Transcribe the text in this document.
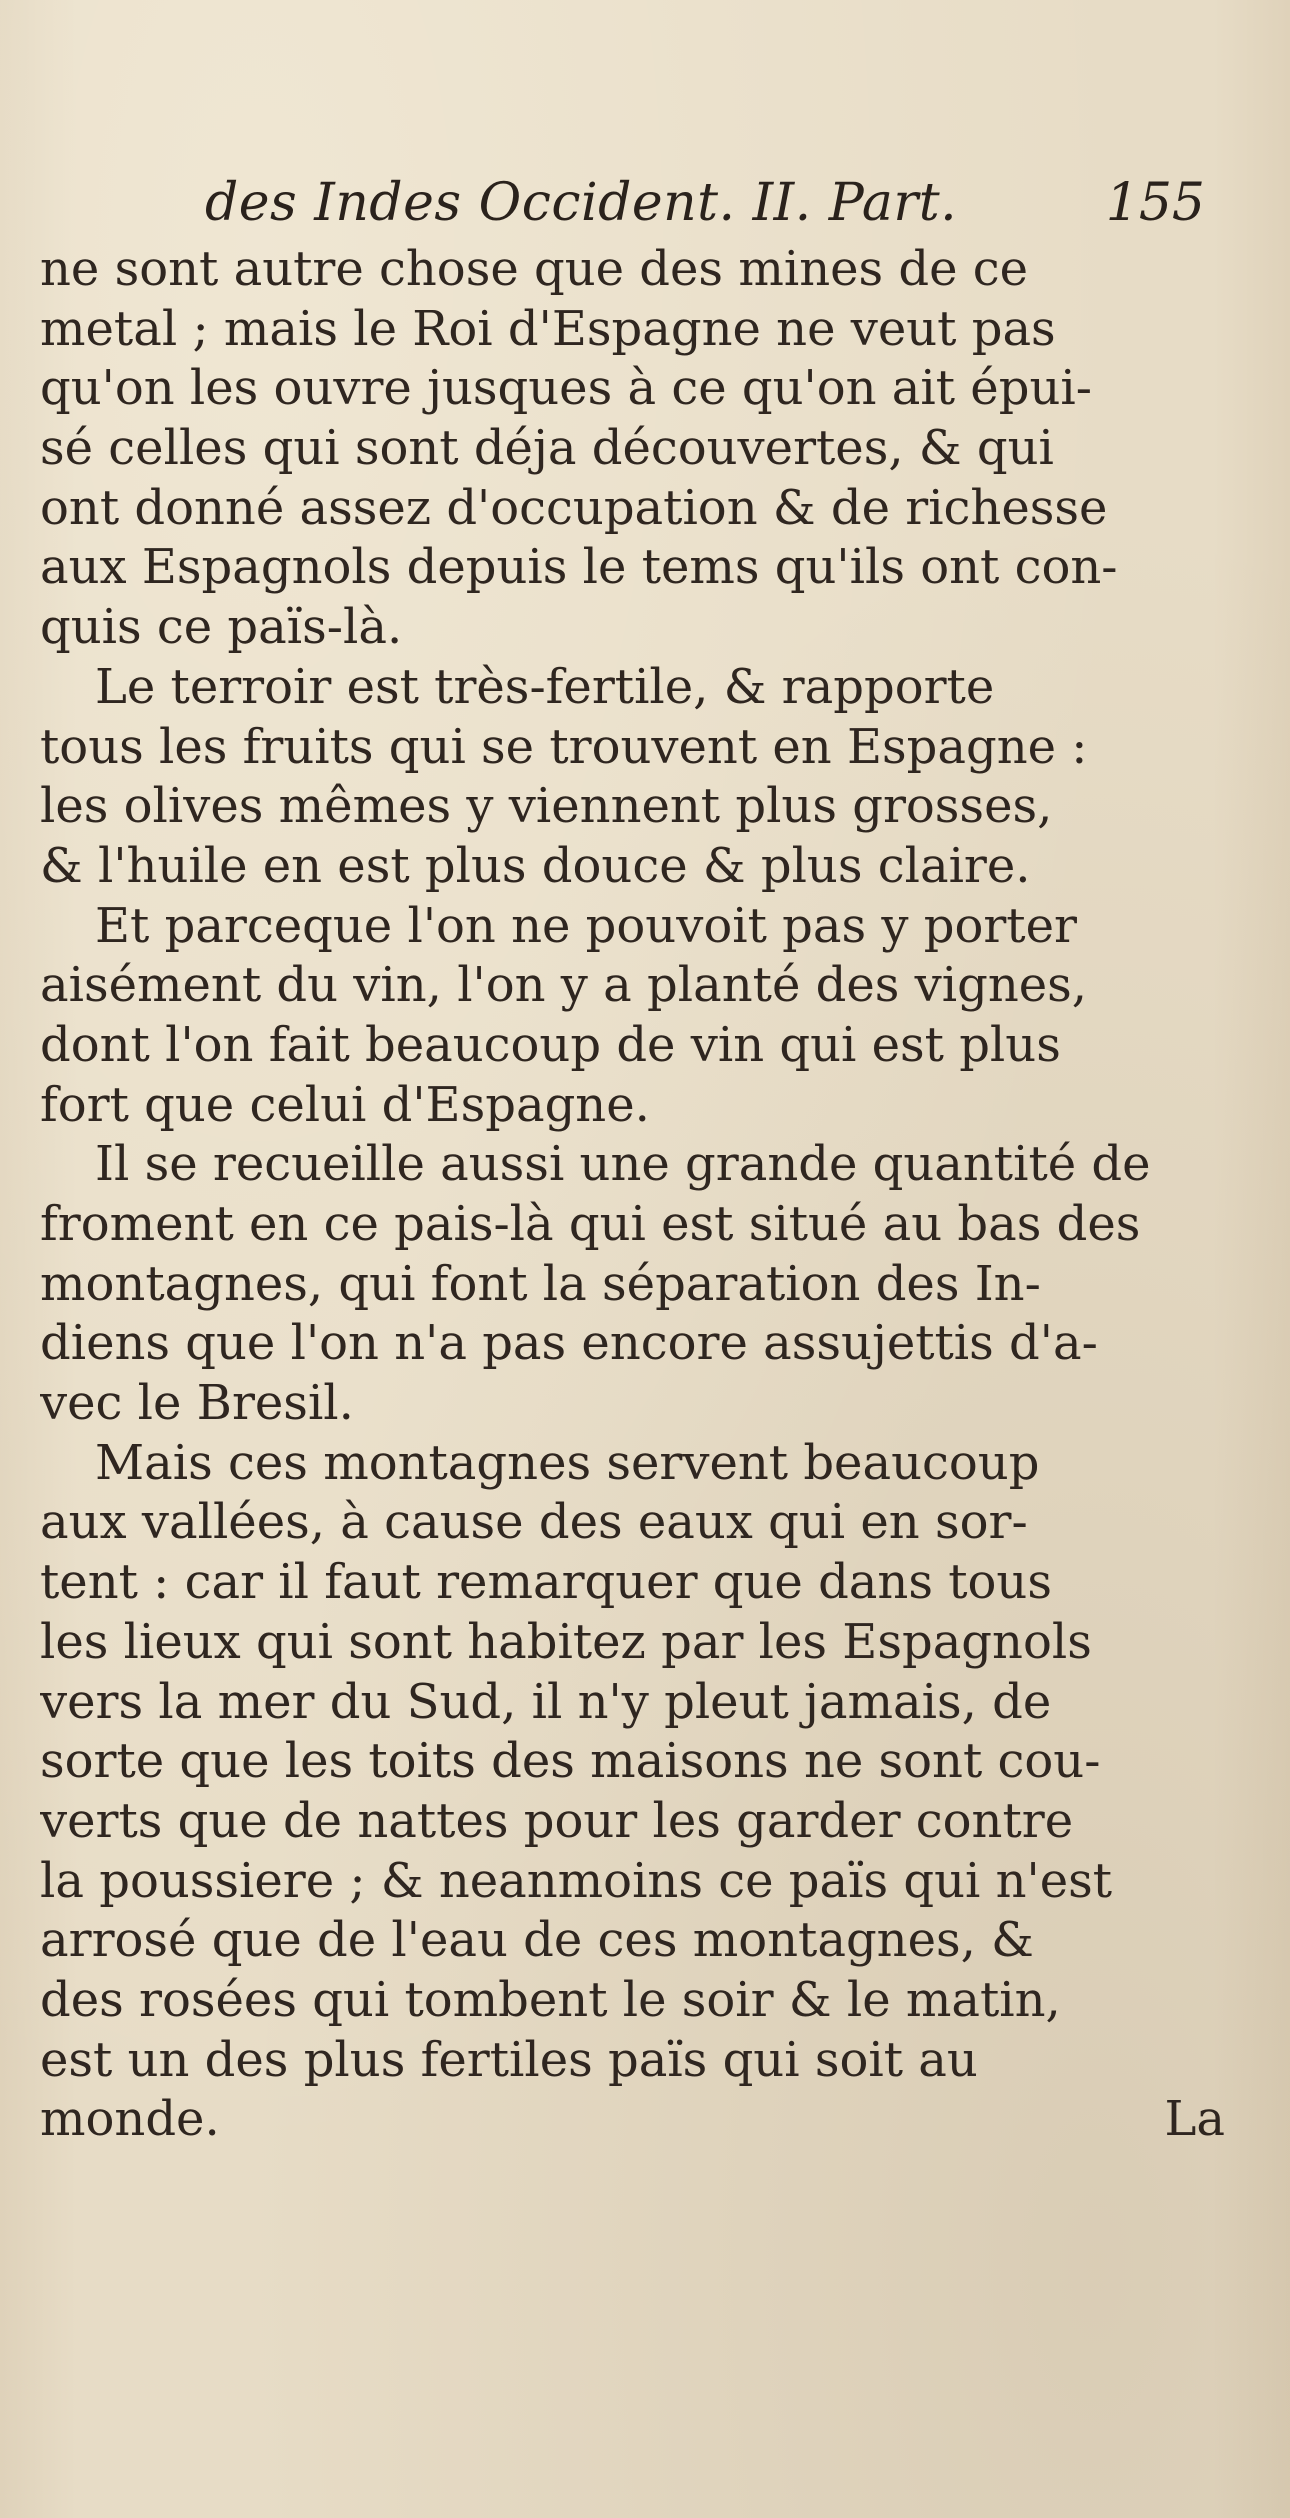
des Indes Occident. II. Part.	155
ne sont autre chose que des mines de ce
metal ; mais le Roi d'Espagne ne veut pas
qu'on les ouvre jusques à ce qu'on ait épui-
sé celles qui sont déja découvertes, & qui
ont donné assez d'occupation & de richesse
aux Espagnols depuis le tems qu'ils ont con-
quis ce païs-là.
Le terroir est très-fertile, & rapporte
tous les fruits qui se trouvent en Espagne :
les olives mêmes y viennent plus grosses,
& l'huile en est plus douce & plus claire.
Et parceque l'on ne pouvoit pas y porter
aisément du vin, l'on y a planté des vignes,
dont l'on fait beaucoup de vin qui est plus
fort que celui d'Espagne.
Il se recueille aussi une grande quantité de
froment en ce pais-là qui est situé au bas des
montagnes, qui font la séparation des In-
diens que l'on n'a pas encore assujettis d'a-
vec le Bresil.
Mais ces montagnes servent beaucoup
aux vallées, à cause des eaux qui en sor-
tent : car il faut remarquer que dans tous
les lieux qui sont habitez par les Espagnols
vers la mer du Sud, il n'y pleut jamais, de
sorte que les toits des maisons ne sont cou-
verts que de nattes pour les garder contre
la poussiere ; & neanmoins ce païs qui n'est
arrosé que de l'eau de ces montagnes, &
des rosées qui tombent le soir & le matin,
est un des plus fertiles païs qui soit au
monde.	La
